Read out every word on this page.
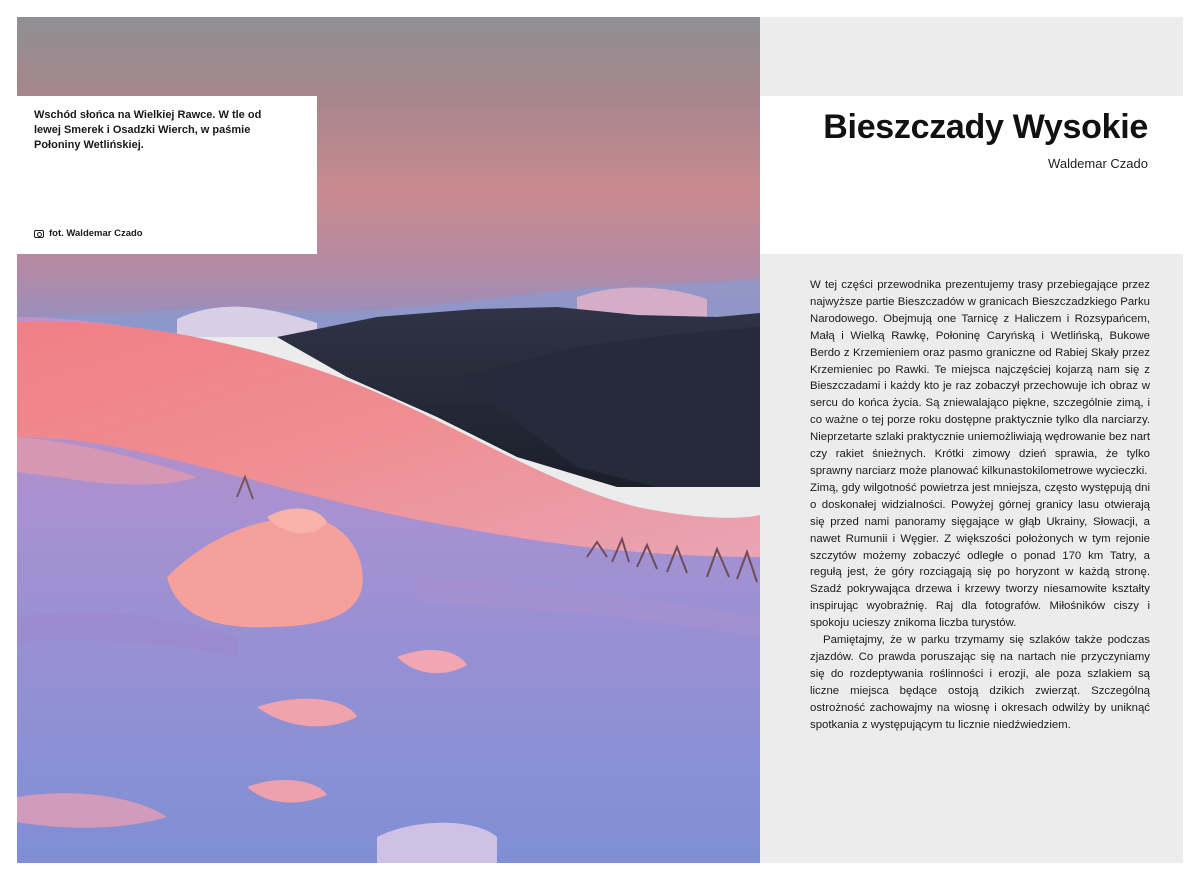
Wschód słońca na Wielkiej Rawce. W tle od lewej Smerek i Osadzki Wierch, w paśmie Połoniny Wetlińskiej.
fot. Waldemar Czado
Bieszczady Wysokie
Waldemar Czado

W tej części przewodnika prezentujemy trasy przebiegające przez najwyższe partie Bieszczadów w granicach Bieszczadzkiego Parku Narodowego. Obejmują one Tarnicę z Haliczem i Rozsypańcem, Małą i Wielką Rawkę, Połoninę Caryńską i Wetlińską, Bukowe Berdo z Krzemieniem oraz pasmo graniczne od Rabiej Skały przez Krzemieniec po Rawki. Te miejsca najczęściej kojarzą nam się z Bieszczadami i każdy kto je raz zobaczył przechowuje ich obraz w sercu do końca życia. Są zniewalająco piękne, szczególnie zimą, i co ważne o tej porze roku dostępne praktycznie tylko dla narciarzy. Nieprzetarte szlaki praktycznie uniemożliwiają wędrowanie bez nart czy rakiet śnieżnych. Krótki zimowy dzień sprawia, że tylko sprawny narciarz może planować kilkunastokilometrowe wycieczki.

Zimą, gdy wilgotność powietrza jest mniejsza, często występują dni o doskonałej widzialności. Powyżej górnej granicy lasu otwierają się przed nami panoramy sięgające w głąb Ukrainy, Słowacji, a nawet Rumunii i Węgier. Z większości położonych w tym rejonie szczytów możemy zobaczyć odległe o ponad 170 km Tatry, a regułą jest, że góry rozciągają się po horyzont w każdą stronę. Szadź pokrywająca drzewa i krzewy tworzy niesamowite kształty inspirując wyobraźnię. Raj dla fotografów. Miłośników ciszy i spokoju ucieszy znikoma liczba turystów.

Pamiętajmy, że w parku trzymamy się szlaków także podczas zjazdów. Co prawda poruszając się na nartach nie przyczyniamy się do rozdeptywania roślinności i erozji, ale poza szlakiem są liczne miejsca będące ostoją dzikich zwierząt. Szczególną ostrożność zachowajmy na wiosnę i okresach odwilży by uniknąć spotkania z występującym tu licznie niedźwiedziem.
